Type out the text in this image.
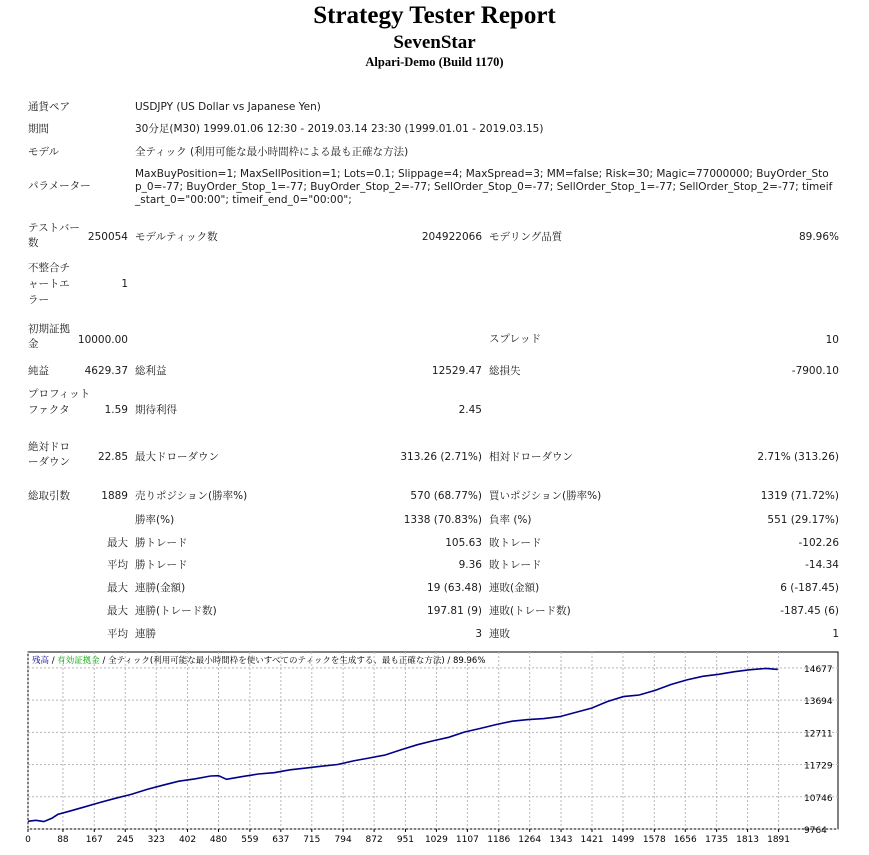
Strategy Tester Report
SevenStar
Alpari-Demo (Build 1170)
通貨ペア	USDJPY (US Dollar vs Japanese Yen)
期間	30分足(M30) 1999.01.06 12:30 - 2019.03.14 23:30 (1999.01.01 - 2019.03.15)
モデル	全ティック (利用可能な最小時間枠による最も正確な方法)
パラメーター
MaxBuyPosition=1; MaxSellPosition=1; Lots=0.1; Slippage=4; MaxSpread=3; MM=false; Risk=30; Magic=77000000; BuyOrder_Stop_0=-77; BuyOrder_Stop_1=-77; BuyOrder_Stop_2=-77; SellOrder_Stop_0=-77; SellOrder_Stop_1=-77; SellOrder_Stop_2=-77; timeif_start_0="00:00"; timeif_end_0="00:00";
テストバー数	250054 モデルティック数	204922066 モデリング品質	89.96%
不整合チャートエラー
1
初期証拠金	10000.00	スプレッド	10
純益	4629.37 総利益	12529.47 総損失	-7900.10
プロフィットファクタ	1.59 期待利得	2.45
絶対ドローダウン	22.85 最大ドローダウン	313.26 (2.71%) 相対ドローダウン	2.71% (313.26)
総取引数	1889 売りポジション(勝率%)	570 (68.77%) 買いポジション(勝率%)	1319 (71.72%)
勝率(%)	1338 (70.83%) 負率 (%)	551 (29.17%)
最大 勝トレード	105.63 敗トレード	-102.26
平均 勝トレード	9.36 敗トレード	-14.34
最大 連勝(金額)	19 (63.48) 連敗(金額)	6 (-187.45)
最大 連勝(トレード数)	197.81 (9) 連敗(トレード数)	-187.45 (6)
平均 連勝	3 連敗	1
残高 / 有効証拠金 / 全ティック(利用可能な最小時間枠を使いすべてのティックを生成する、最も正確な方法) / 89.96%
0	88 167 245 323 402 480 559 637 715 794 872 951 1029 1107 1186 1264 1343 1421 1499 1578 1656 1735 1813 1891
9764
10746
11729
12711
13694
14677
